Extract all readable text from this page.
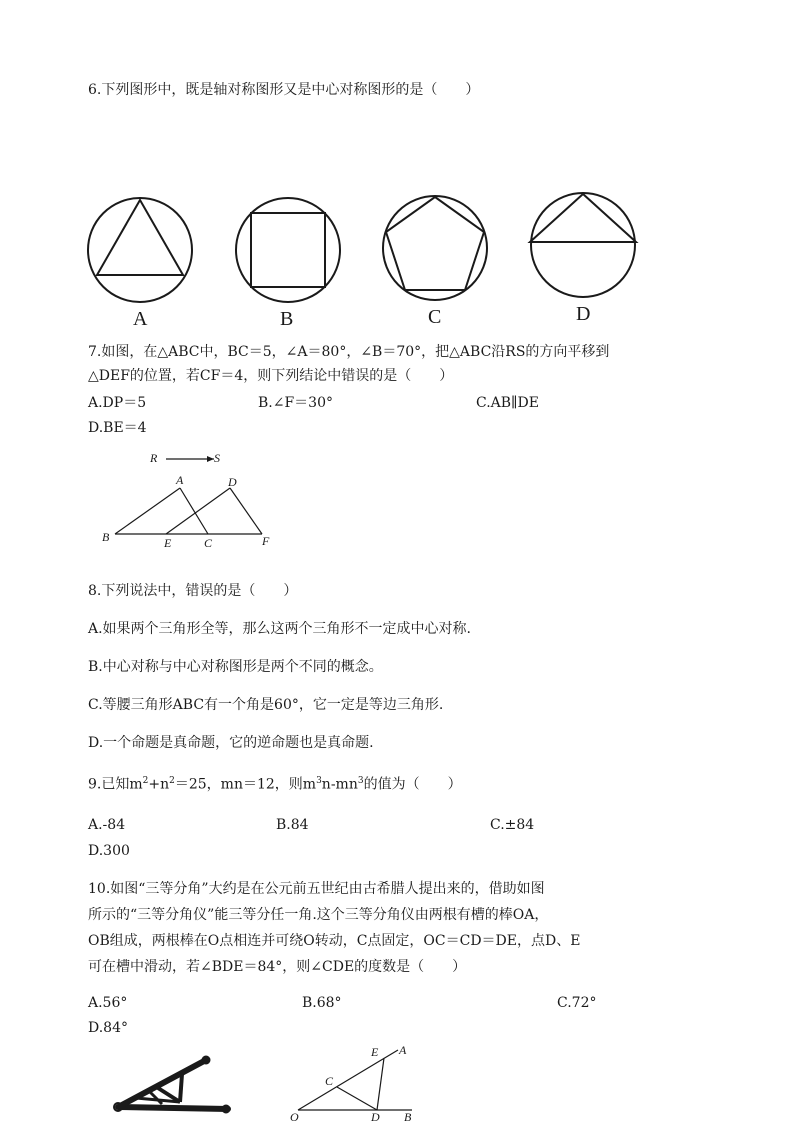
6.下列图形中，既是轴对称图形又是中心对称图形的是（　　）
A	B	C	D
7.如图，在△ABC中，BC＝5，∠A＝80°，∠B＝70°，把△ABC沿RS的方向平移到
△DEF的位置，若CF＝4，则下列结论中错误的是（　　）
A.DP＝5	B.∠F＝30°	C.AB∥DE
D.BE＝4
R	S
A	D
B	E	C	F
8.下列说法中，错误的是（　　）
A.如果两个三角形全等，那么这两个三角形不一定成中心对称.
B.中心对称与中心对称图形是两个不同的概念。
C.等腰三角形ABC有一个角是60°，它一定是等边三角形.
D.一个命题是真命题，它的逆命题也是真命题.
9.已知$m^2+n^2=25$，mn＝12，则$m^3n-mn^3$的值为（　　）
A.-84	B.84	C.±84
D.300
10.如图“三等分角”大约是在公元前五世纪由古希腊人提出来的，借助如图
所示的“三等分角仪”能三等分任一角.这个三等分角仪由两根有槽的棒OA，
OB组成，两根棒在O点相连并可绕O转动，C点固定，OC＝CD＝DE，点D、E
可在槽中滑动，若∠BDE＝84°，则∠CDE的度数是（　　）
A.56°	B.68°	C.72°
D.84°
E A
C
O	D B
